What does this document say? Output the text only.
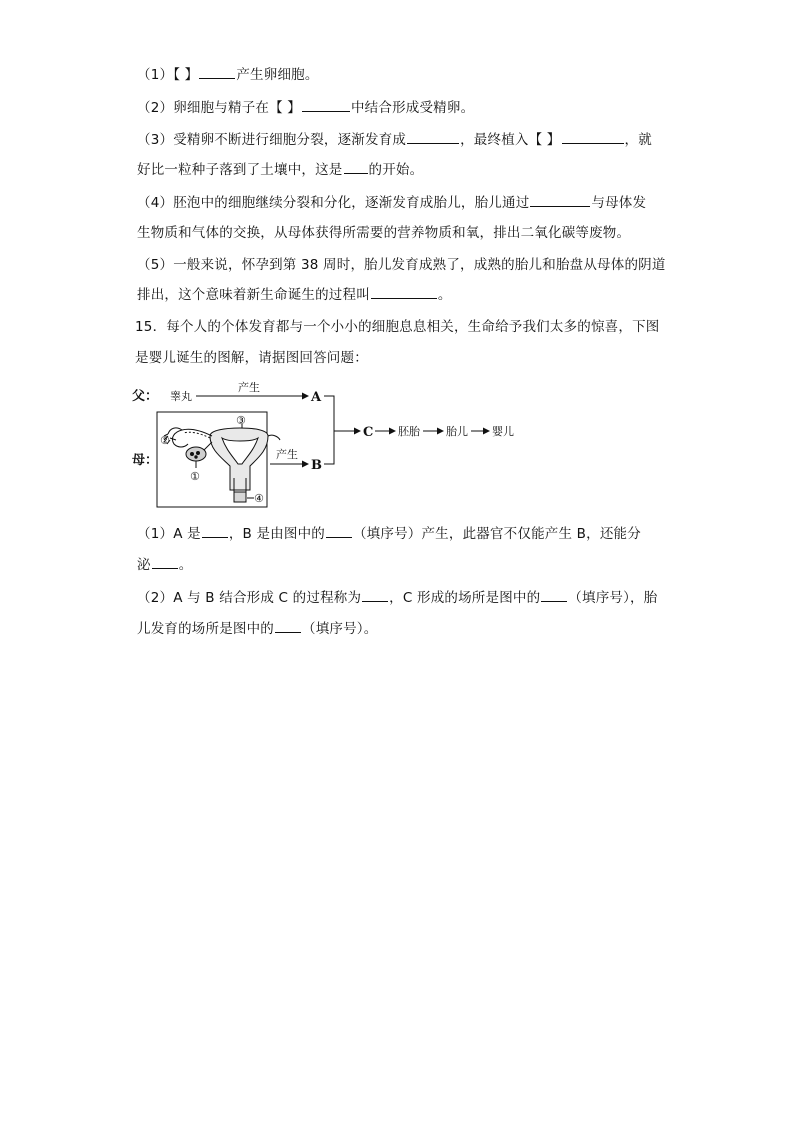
（1）【 】	产生卵细胞。
（2）卵细胞与精子在【 】	中结合形成受精卵。
（3）受精卵不断进行细胞分裂，逐渐发育成	，最终植入【 】	，就
好比一粒种子落到了土壤中，这是 的开始。
（4）胚泡中的细胞继续分裂和分化，逐渐发育成胎儿，胎儿通过	与母体发
生物质和气体的交换，从母体获得所需要的营养物质和氧，排出二氧化碳等废物。
（5）一般来说，怀孕到第 38 周时，胎儿发育成熟了，成熟的胎儿和胎盘从母体的阴道
排出，这个意味着新生命诞生的过程叫	。
15．每个人的个体发育都与一个小小的细胞息息相关，生命给予我们太多的惊喜，下图
是婴儿诞生的图解，请据图回答问题：
父： 睾丸
产生
A
母：
②
①
③
④
产生
B
C 胚胎 胎儿 婴儿
（1）A 是 ，B 是由图中的 （填序号）产生，此器官不仅能产生 B，还能分
泌 。
（2）A 与 B 结合形成 C 的过程称为 ，C 形成的场所是图中的 （填序号），胎
儿发育的场所是图中的 （填序号）。
